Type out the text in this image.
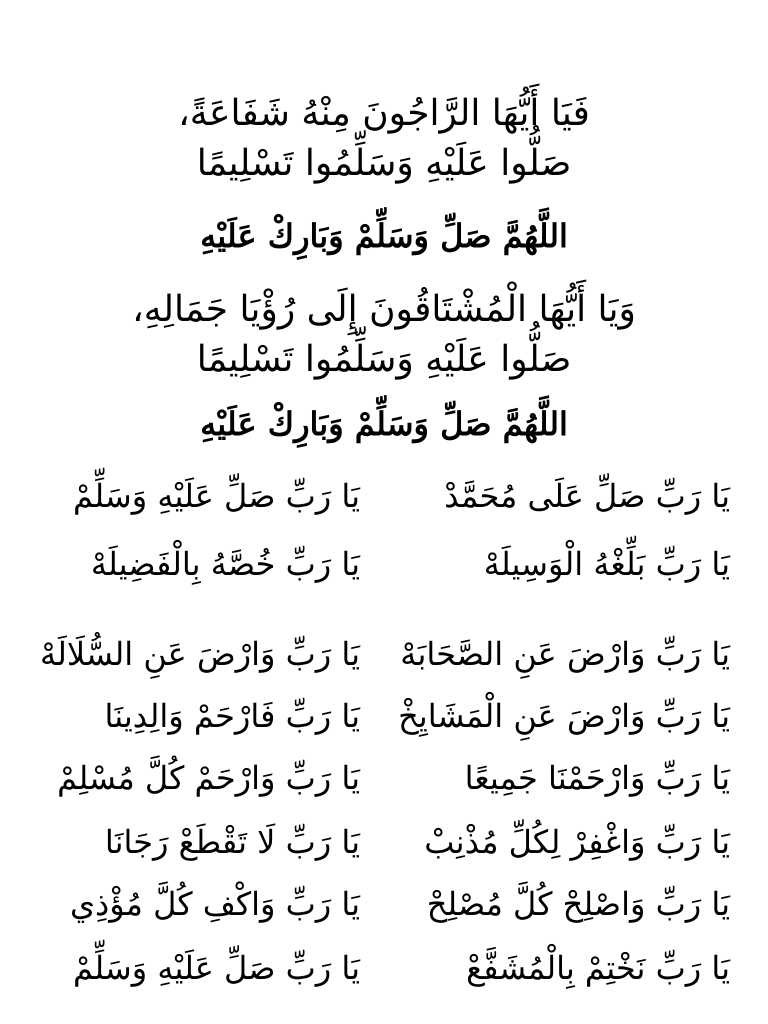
فَيَا أَيُّهَا الرَّاجُونَ مِنْهُ شَفَاعَةً،
صَلُّوا عَلَيْهِ وَسَلِّمُوا تَسْلِيمًا
اللَّهُمَّ صَلِّ وَسَلِّمْ وَبَارِكْ عَلَيْهِ
وَيَا أَيُّهَا الْمُشْتَاقُونَ إِلَى رُؤْيَا جَمَالِهِ،
صَلُّوا عَلَيْهِ وَسَلِّمُوا تَسْلِيمًا
اللَّهُمَّ صَلِّ وَسَلِّمْ وَبَارِكْ عَلَيْهِ
يَا رَبِّ صَلِّ عَلَى مُحَمَّدْ
يَا رَبِّ صَلِّ عَلَيْهِ وَسَلِّمْ
يَا رَبِّ بَلِّغْهُ الْوَسِيلَهْ
يَا رَبِّ خُصَّهُ بِالْفَضِيلَهْ
يَا رَبِّ وَارْضَ عَنِ الصَّحَابَهْ
يَا رَبِّ وَارْضَ عَنِ السُّلَالَهْ
يَا رَبِّ وَارْضَ عَنِ الْمَشَايِخْ
يَا رَبِّ فَارْحَمْ وَالِدِينَا
يَا رَبِّ وَارْحَمْنَا جَمِيعًا
يَا رَبِّ وَارْحَمْ كُلَّ مُسْلِمْ
يَا رَبِّ وَاغْفِرْ لِكُلِّ مُذْنِبْ
يَا رَبِّ لَا تَقْطَعْ رَجَانَا
يَا رَبِّ وَاصْلِحْ كُلَّ مُصْلِحْ
يَا رَبِّ وَاكْفِ كُلَّ مُؤْذِي
يَا رَبِّ نَخْتِمْ بِالْمُشَفَّعْ
يَا رَبِّ صَلِّ عَلَيْهِ وَسَلِّمْ
